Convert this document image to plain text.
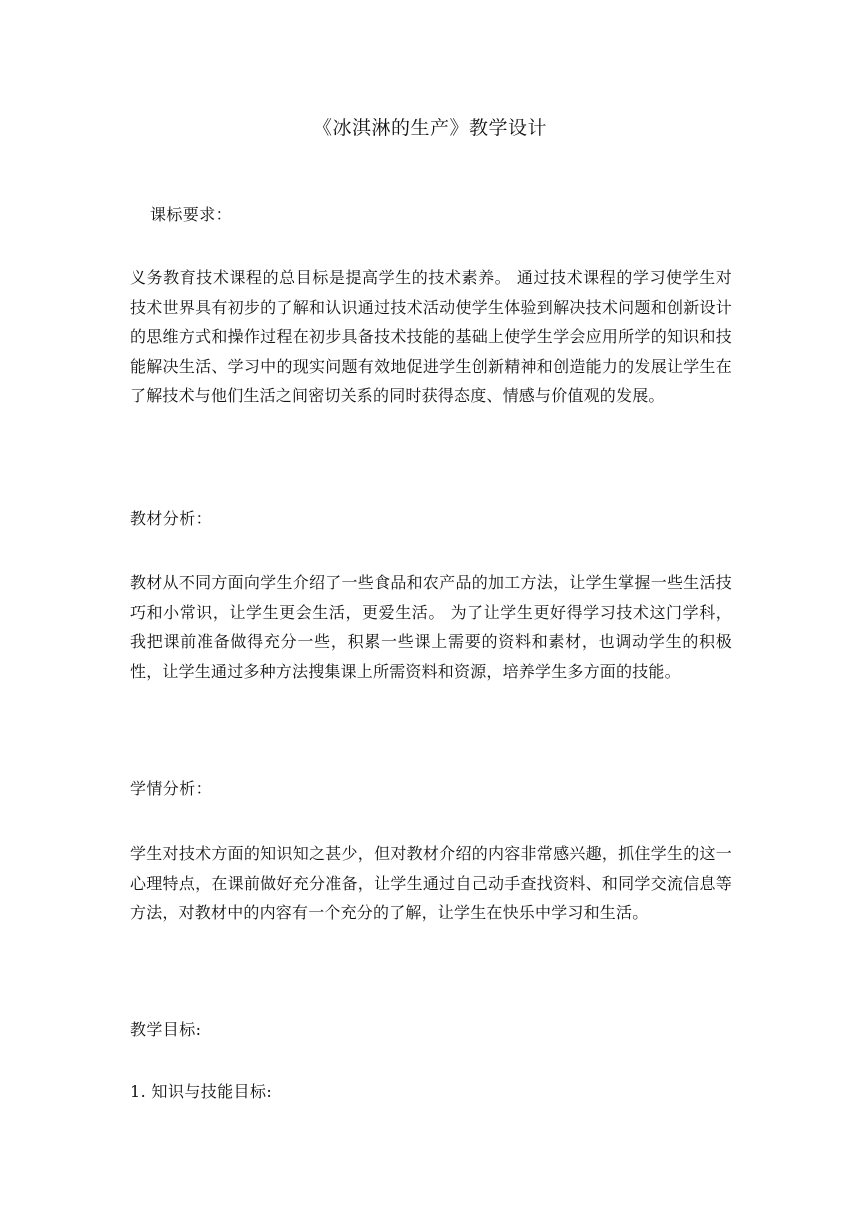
《冰淇淋的生产》教学设计

课标要求：

义务教育技术课程的总目标是提高学生的技术素养。 通过技术课程的学习使学生对技术世界具有初步的了解和认识通过技术活动使学生体验到解决技术问题和创新设计的思维方式和操作过程在初步具备技术技能的基础上使学生学会应用所学的知识和技能解决生活、学习中的现实问题有效地促进学生创新精神和创造能力的发展让学生在了解技术与他们生活之间密切关系的同时获得态度、情感与价值观的发展。

教材分析：

教材从不同方面向学生介绍了一些食品和农产品的加工方法，让学生掌握一些生活技巧和小常识，让学生更会生活，更爱生活。 为了让学生更好得学习技术这门学科，我把课前准备做得充分一些，积累一些课上需要的资料和素材，也调动学生的积极性，让学生通过多种方法搜集课上所需资料和资源，培养学生多方面的技能。

学情分析：

学生对技术方面的知识知之甚少，但对教材介绍的内容非常感兴趣，抓住学生的这一心理特点，在课前做好充分准备，让学生通过自己动手查找资料、和同学交流信息等方法，对教材中的内容有一个充分的了解，让学生在快乐中学习和生活。

教学目标:

1. 知识与技能目标:
